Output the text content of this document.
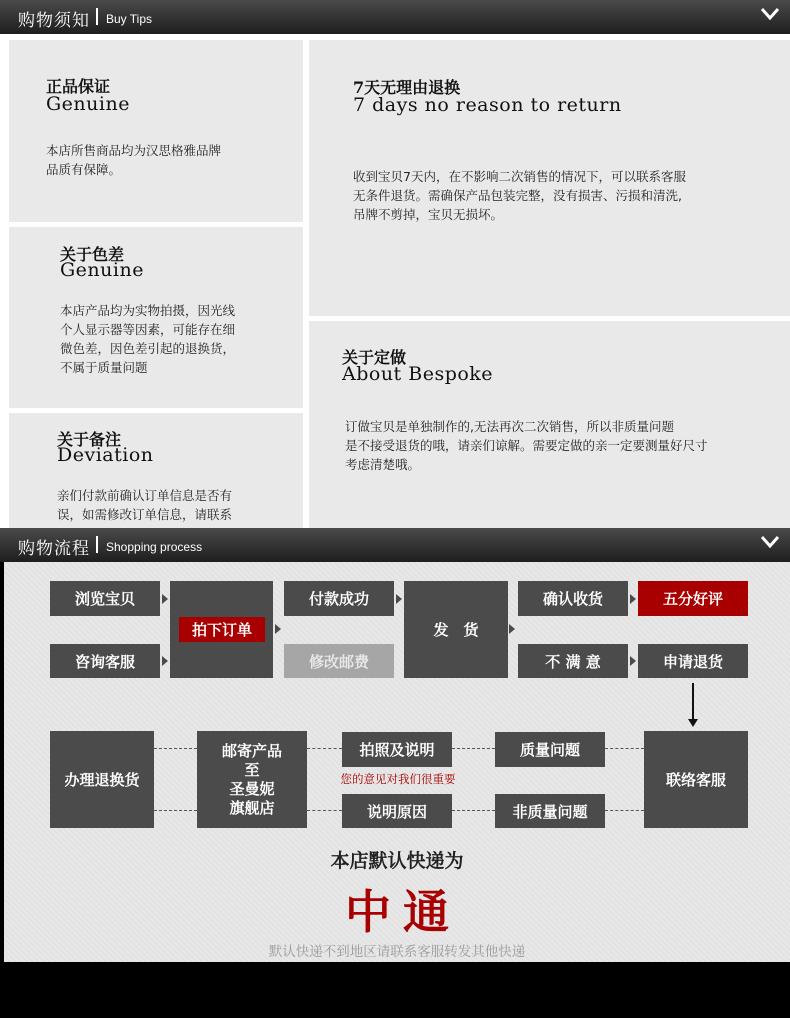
购物须知 Buy Tips
正品保证
Genuine

本店所售商品均为汉思格雅品牌
品质有保障。

7天无理由退换
7 days no reason to return

收到宝贝7天内，在不影响二次销售的情况下，可以联系客服
无条件退货。需确保产品包装完整，没有损害、污损和清洗,
吊牌不剪掉，宝贝无损坏。

关于色差
Genuine

本店产品均为实物拍摄，因光线
个人显示器等因素，可能存在细
微色差，因色差引起的退换货，
不属于质量问题

关于定做
About Bespoke

订做宝贝是单独制作的,无法再次二次销售，所以非质量问题
是不接受退货的哦，请亲们谅解。需要定做的亲一定要测量好尺寸
考虑清楚哦。

关于备注
Deviation

亲们付款前确认订单信息是否有
误，如需修改订单信息，请联系

购物流程 Shopping process
浏览宝贝
咨询客服
拍下订单
付款成功
修改邮费
发　货
确认收货	五分好评
不 满 意	申请退货
办理退换货
邮寄产品
至
圣曼妮
旗舰店
拍照及说明
说明原因
您的意见对我们很重要
质量问题
非质量问题
联络客服
本店默认快递为
中通
默认快递不到地区请联系客服转发其他快递
